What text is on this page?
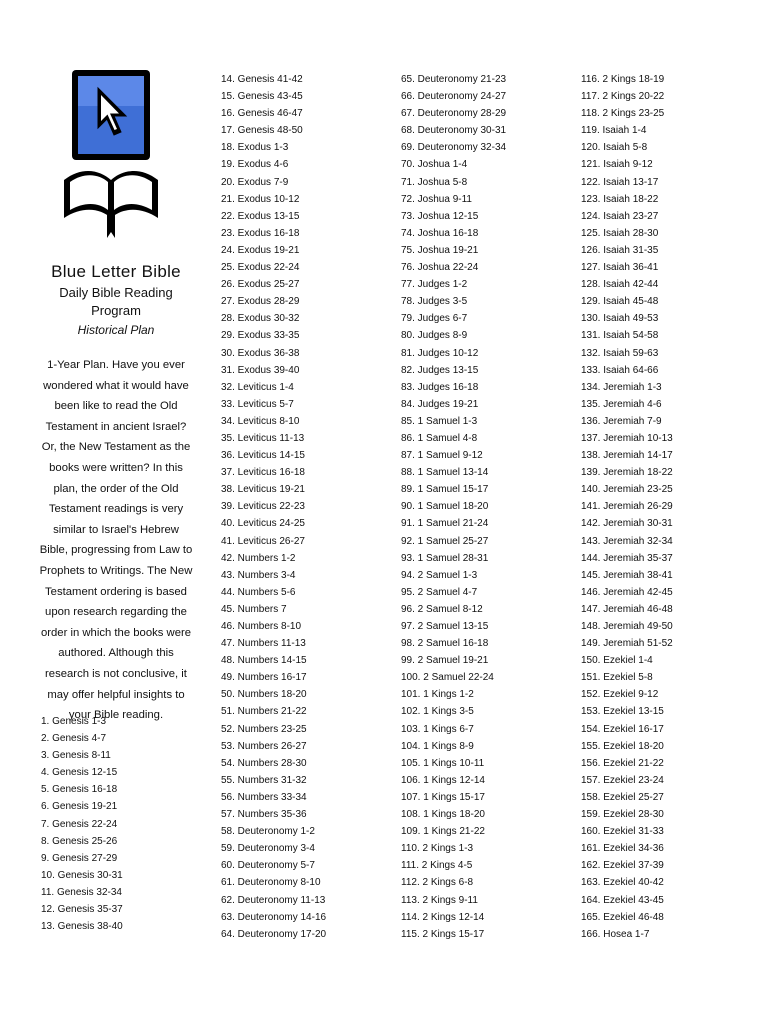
Blue Letter Bible
Daily Bible Reading Program
Historical Plan
1-Year Plan. Have you ever wondered what it would have been like to read the Old Testament in ancient Israel? Or, the New Testament as the books were written? In this plan, the order of the Old Testament readings is very similar to Israel's Hebrew Bible, progressing from Law to Prophets to Writings. The New Testament ordering is based upon research regarding the order in which the books were authored. Although this research is not conclusive, it may offer helpful insights to your Bible reading.
1. Genesis 1-3
2. Genesis 4-7
3. Genesis 8-11
4. Genesis 12-15
5. Genesis 16-18
6. Genesis 19-21
7. Genesis 22-24
8. Genesis 25-26
9. Genesis 27-29
10. Genesis 30-31
11. Genesis 32-34
12. Genesis 35-37
13. Genesis 38-40
14. Genesis 41-42
15. Genesis 43-45
16. Genesis 46-47
17. Genesis 48-50
18. Exodus 1-3
19. Exodus 4-6
20. Exodus 7-9
21. Exodus 10-12
22. Exodus 13-15
23. Exodus 16-18
24. Exodus 19-21
25. Exodus 22-24
26. Exodus 25-27
27. Exodus 28-29
28. Exodus 30-32
29. Exodus 33-35
30. Exodus 36-38
31. Exodus 39-40
32. Leviticus 1-4
33. Leviticus 5-7
34. Leviticus 8-10
35. Leviticus 11-13
36. Leviticus 14-15
37. Leviticus 16-18
38. Leviticus 19-21
39. Leviticus 22-23
40. Leviticus 24-25
41. Leviticus 26-27
42. Numbers 1-2
43. Numbers 3-4
44. Numbers 5-6
45. Numbers 7
46. Numbers 8-10
47. Numbers 11-13
48. Numbers 14-15
49. Numbers 16-17
50. Numbers 18-20
51. Numbers 21-22
52. Numbers 23-25
53. Numbers 26-27
54. Numbers 28-30
55. Numbers 31-32
56. Numbers 33-34
57. Numbers 35-36
58. Deuteronomy 1-2
59. Deuteronomy 3-4
60. Deuteronomy 5-7
61. Deuteronomy 8-10
62. Deuteronomy 11-13
63. Deuteronomy 14-16
64. Deuteronomy 17-20
65. Deuteronomy 21-23
66. Deuteronomy 24-27
67. Deuteronomy 28-29
68. Deuteronomy 30-31
69. Deuteronomy 32-34
70. Joshua 1-4
71. Joshua 5-8
72. Joshua 9-11
73. Joshua 12-15
74. Joshua 16-18
75. Joshua 19-21
76. Joshua 22-24
77. Judges 1-2
78. Judges 3-5
79. Judges 6-7
80. Judges 8-9
81. Judges 10-12
82. Judges 13-15
83. Judges 16-18
84. Judges 19-21
85. 1 Samuel 1-3
86. 1 Samuel 4-8
87. 1 Samuel 9-12
88. 1 Samuel 13-14
89. 1 Samuel 15-17
90. 1 Samuel 18-20
91. 1 Samuel 21-24
92. 1 Samuel 25-27
93. 1 Samuel 28-31
94. 2 Samuel 1-3
95. 2 Samuel 4-7
96. 2 Samuel 8-12
97. 2 Samuel 13-15
98. 2 Samuel 16-18
99. 2 Samuel 19-21
100. 2 Samuel 22-24
101. 1 Kings 1-2
102. 1 Kings 3-5
103. 1 Kings 6-7
104. 1 Kings 8-9
105. 1 Kings 10-11
106. 1 Kings 12-14
107. 1 Kings 15-17
108. 1 Kings 18-20
109. 1 Kings 21-22
110. 2 Kings 1-3
111. 2 Kings 4-5
112. 2 Kings 6-8
113. 2 Kings 9-11
114. 2 Kings 12-14
115. 2 Kings 15-17
116. 2 Kings 18-19
117. 2 Kings 20-22
118. 2 Kings 23-25
119. Isaiah 1-4
120. Isaiah 5-8
121. Isaiah 9-12
122. Isaiah 13-17
123. Isaiah 18-22
124. Isaiah 23-27
125. Isaiah 28-30
126. Isaiah 31-35
127. Isaiah 36-41
128. Isaiah 42-44
129. Isaiah 45-48
130. Isaiah 49-53
131. Isaiah 54-58
132. Isaiah 59-63
133. Isaiah 64-66
134. Jeremiah 1-3
135. Jeremiah 4-6
136. Jeremiah 7-9
137. Jeremiah 10-13
138. Jeremiah 14-17
139. Jeremiah 18-22
140. Jeremiah 23-25
141. Jeremiah 26-29
142. Jeremiah 30-31
143. Jeremiah 32-34
144. Jeremiah 35-37
145. Jeremiah 38-41
146. Jeremiah 42-45
147. Jeremiah 46-48
148. Jeremiah 49-50
149. Jeremiah 51-52
150. Ezekiel 1-4
151. Ezekiel 5-8
152. Ezekiel 9-12
153. Ezekiel 13-15
154. Ezekiel 16-17
155. Ezekiel 18-20
156. Ezekiel 21-22
157. Ezekiel 23-24
158. Ezekiel 25-27
159. Ezekiel 28-30
160. Ezekiel 31-33
161. Ezekiel 34-36
162. Ezekiel 37-39
163. Ezekiel 40-42
164. Ezekiel 43-45
165. Ezekiel 46-48
166. Hosea 1-7
